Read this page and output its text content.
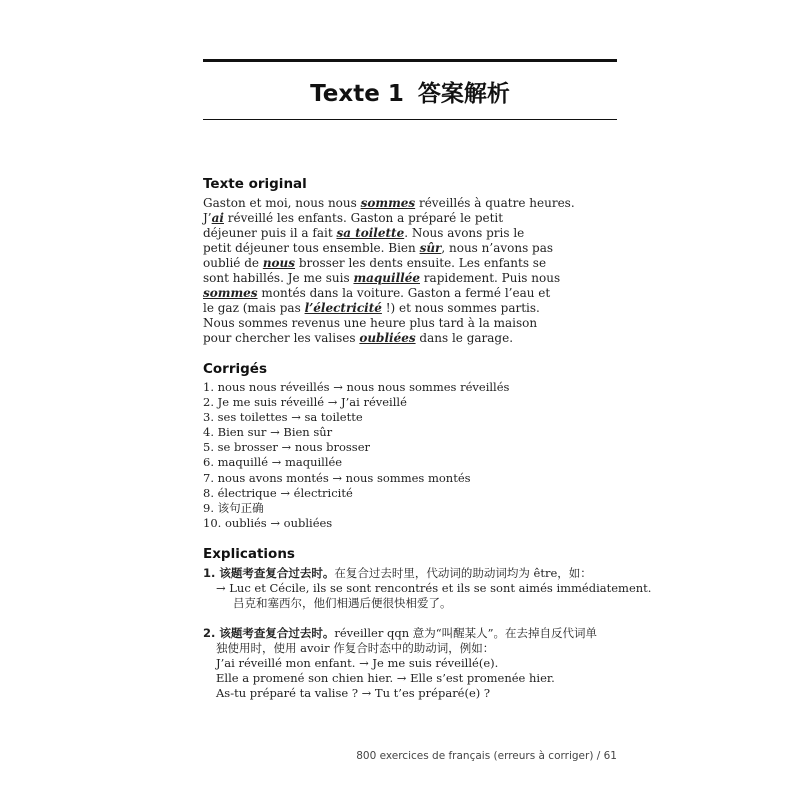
Texte 1 答案解析
Texte original
Gaston et moi, nous nous sommes réveillés à quatre heures.
J’ai réveillé les enfants. Gaston a préparé le petit
déjeuner puis il a fait sa toilette. Nous avons pris le
petit déjeuner tous ensemble. Bien sûr, nous n’avons pas
oublié de nous brosser les dents ensuite. Les enfants se
sont habillés. Je me suis maquillée rapidement. Puis nous
sommes montés dans la voiture. Gaston a fermé l’eau et
le gaz (mais pas l’électricité !) et nous sommes partis.
Nous sommes revenus une heure plus tard à la maison
pour chercher les valises oubliées dans le garage.
Corrigés
1. nous nous réveillés → nous nous sommes réveillés
2. Je me suis réveillé → J’ai réveillé
3. ses toilettes → sa toilette
4. Bien sur → Bien sûr
5. se brosser → nous brosser
6. maquillé → maquillée
7. nous avons montés → nous sommes montés
8. électrique → électricité
9. 该句正确
10. oubliés → oubliées
Explications
1. 该题考查复合过去时。在复合过去时里，代动词的助动词均为 être，如：
→ Luc et Cécile, ils se sont rencontrés et ils se sont aimés immédiatement.
吕克和塞西尔，他们相遇后便很快相爱了。
2. 该题考查复合过去时。réveiller qqn 意为“叫醒某人”。在去掉自反代词单
独使用时，使用 avoir 作复合时态中的助动词，例如：
J’ai réveillé mon enfant. → Je me suis réveillé(e).
Elle a promené son chien hier. → Elle s’est promenée hier.
As-tu préparé ta valise ? → Tu t’es préparé(e) ?
800 exercices de français (erreurs à corriger) / 61
